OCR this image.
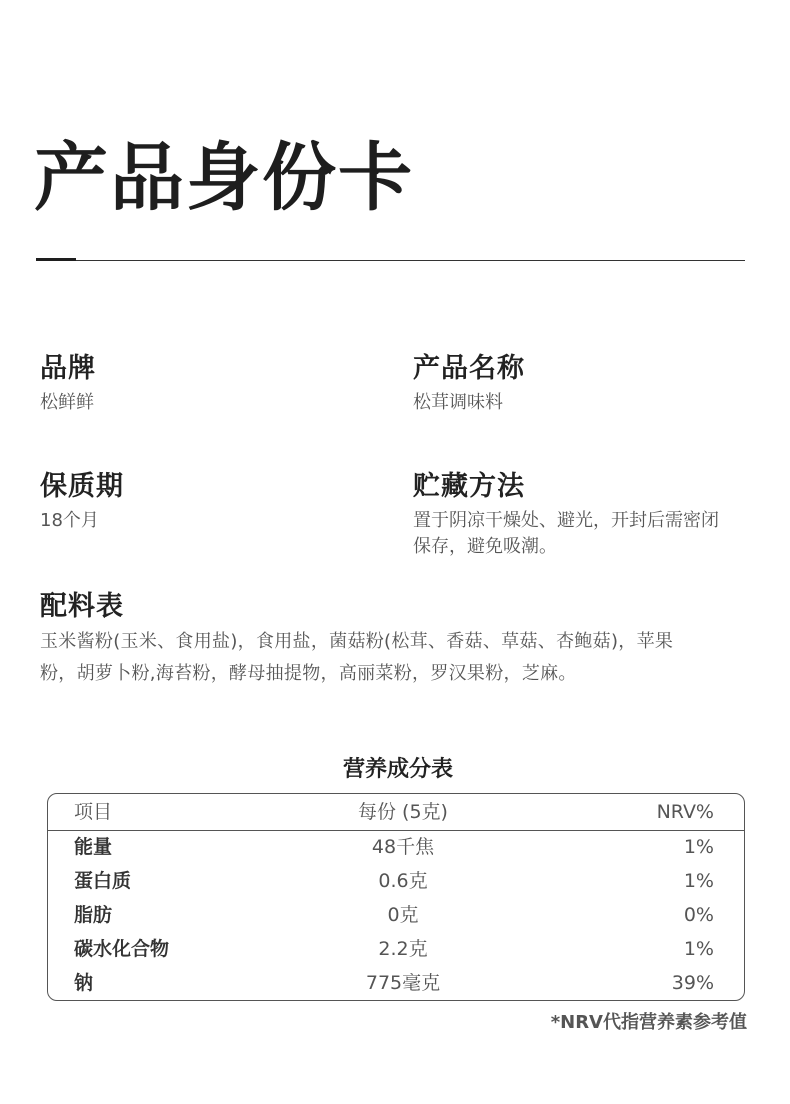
产品身份卡
品牌
松鲜鲜
产品名称
松茸调味料
保质期
18个月
贮藏方法
置于阴凉干燥处、避光，开封后需密闭
保存，避免吸潮。
配料表
玉米酱粉(玉米、食用盐)，食用盐，菌菇粉(松茸、香菇、草菇、杏鲍菇)，苹果
粉，胡萝卜粉,海苔粉，酵母抽提物，高丽菜粉，罗汉果粉，芝麻。
营养成分表
项目	每份 (5克)	NRV%
能量	48千焦	1%
蛋白质	0.6克	1%
脂肪	0克	0%
碳水化合物	2.2克	1%
钠	775毫克	39%
*NRV代指营养素参考值
